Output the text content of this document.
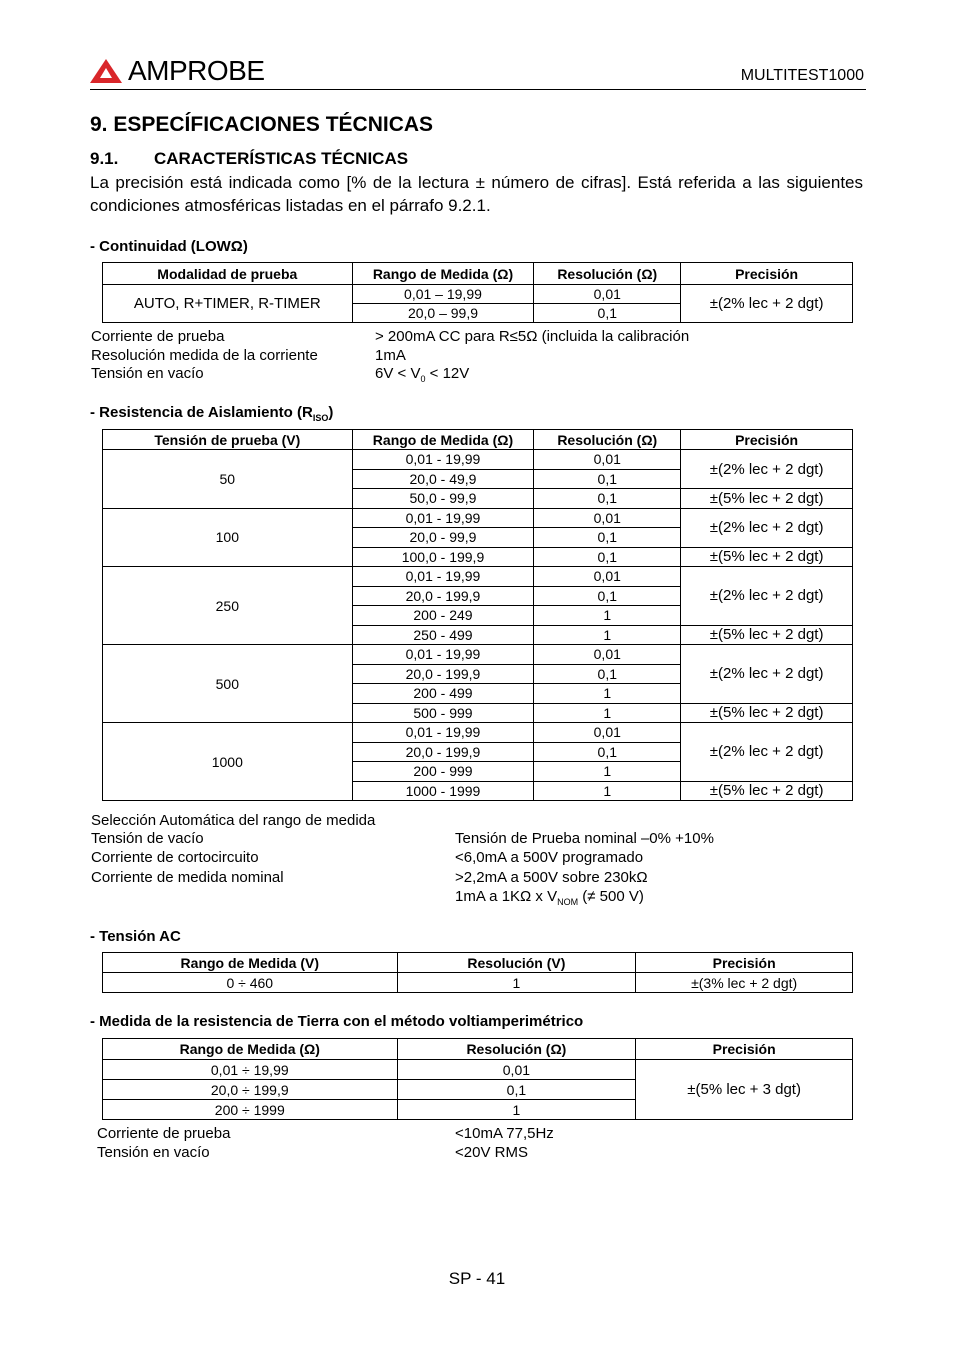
AMPROBE	MULTITEST1000
9. ESPECÍFICACIONES TÉCNICAS
9.1. CARACTERÍSTICAS TÉCNICAS
La precisión está indicada como [% de la lectura ± número de cifras]. Está referida a las siguientes condiciones atmosféricas listadas en el párrafo 9.2.1.
- Continuidad (LOWΩ)
Modalidad de prueba	Rango de Medida (Ω)	Resolución (Ω)	Precisión
AUTO, R+TIMER, R-TIMER	0,01 – 19,99	0,01	±(2% lec + 2 dgt)
	20,0 – 99,9	0,1	
Corriente de prueba	> 200mA CC para R≤5Ω (incluida la calibración
Resolución medida de la corriente	1mA
Tensión en vacío	$6V < V_0 < 12V$
- Resistencia de Aislamiento $(R_{ISO})$
Tensión de prueba (V)	Rango de Medida (Ω)	Resolución (Ω)	Precisión
50	0,01 - 19,99	0,01	±(2% lec + 2 dgt)
	20,0 - 49,9	0,1	
	50,0 - 99,9	0,1	±(5% lec + 2 dgt)
100	0,01 - 19,99	0,01	±(2% lec + 2 dgt)
	20,0 - 99,9	0,1	
	100,0 - 199,9	0,1	±(5% lec + 2 dgt)
250	0,01 - 19,99	0,01	±(2% lec + 2 dgt)
	20,0 - 199,9	0,1	
	200 - 249	1	
	250 - 499	1	±(5% lec + 2 dgt)
500	0,01 - 19,99	0,01	±(2% lec + 2 dgt)
	20,0 - 199,9	0,1	
	200 - 499	1	
	500 - 999	1	±(5% lec + 2 dgt)
1000	0,01 - 19,99	0,01	±(2% lec + 2 dgt)
	20,0 - 199,9	0,1	
	200 - 999	1	
	1000 - 1999	1	±(5% lec + 2 dgt)
Selección Automática del rango de medida
Tensión de vacío	Tensión de Prueba nominal –0% +10%
Corriente de cortocircuito	<6,0mA a 500V programado
Corriente de medida nominal	>2,2mA a 500V sobre 230kΩ
1mA a 1KΩ x $V_{NOM}$ (≠ 500 V)
- Tensión AC
Rango de Medida (V)	Resolución (V)	Precisión
0 ÷ 460	1	±(3% lec + 2 dgt)
- Medida de la resistencia de Tierra con el método voltiamperimétrico
Rango de Medida (Ω)	Resolución (Ω)	Precisión
0,01 ÷ 19,99	0,01	±(5% lec + 3 dgt)
20,0 ÷ 199,9	0,1	
200 ÷ 1999	1	
Corriente de prueba	<10mA 77,5Hz
Tensión en vacío	<20V RMS
SP - 41
